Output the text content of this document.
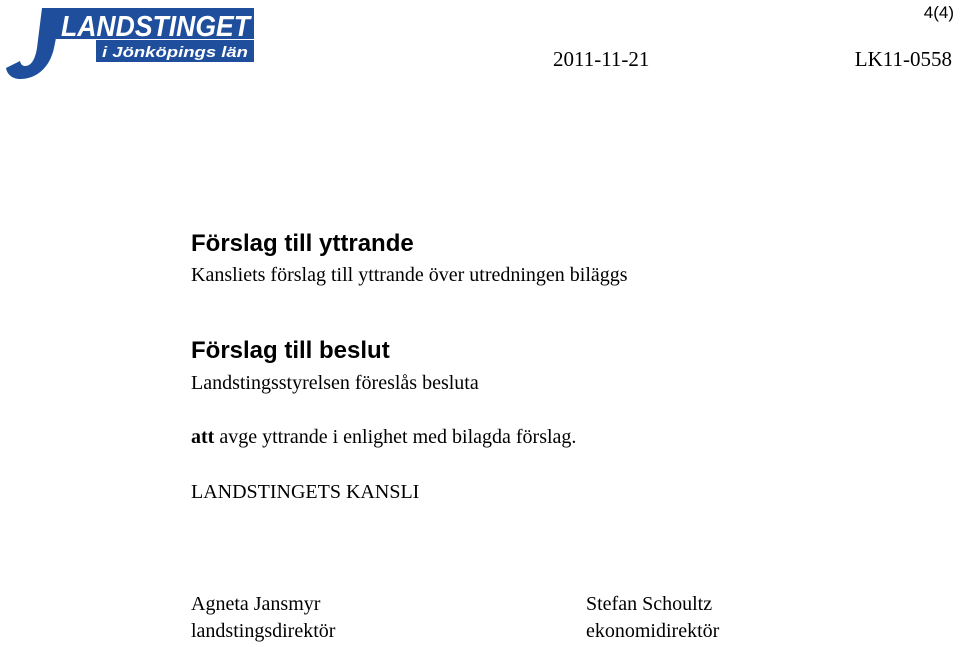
LANDSTINGET
i Jönköpings län
4(4)
2011-11-21	LK11-0558
Förslag till yttrande
Kansliets förslag till yttrande över utredningen biläggs
Förslag till beslut
Landstingsstyrelsen föreslås besluta
att avge yttrande i enlighet med bilagda förslag.
LANDSTINGETS KANSLI
Agneta Jansmyr
landstingsdirektör
Stefan Schoultz
ekonomidirektör
